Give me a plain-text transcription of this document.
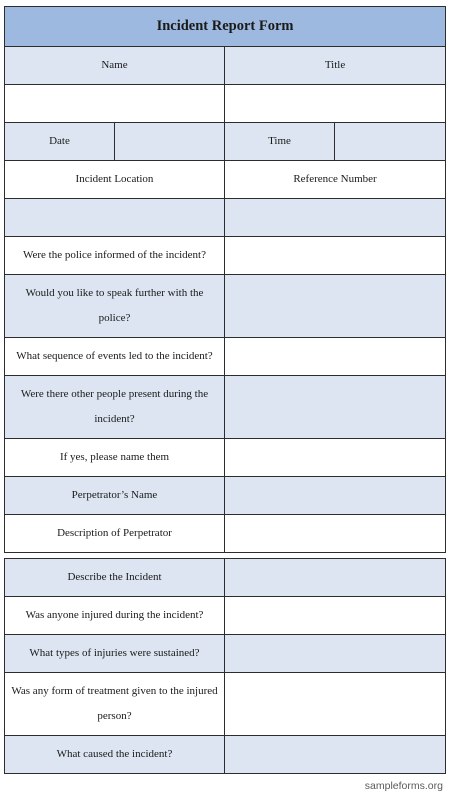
Incident Report Form			
Name		Title	

Date		Time	
Incident Location		Reference Number	

Were the police informed of the incident?			
Would you like to speak further with the police?			
What sequence of events led to the incident?			
Were there other people present during the incident?			
If yes, please name them			
Perpetrator’s Name			
Description of Perpetrator			
Describe the Incident	
Was anyone injured during the incident?	
What types of injuries were sustained?	
Was any form of treatment given to the injured person?	
What caused the incident?	
sampleforms.org
